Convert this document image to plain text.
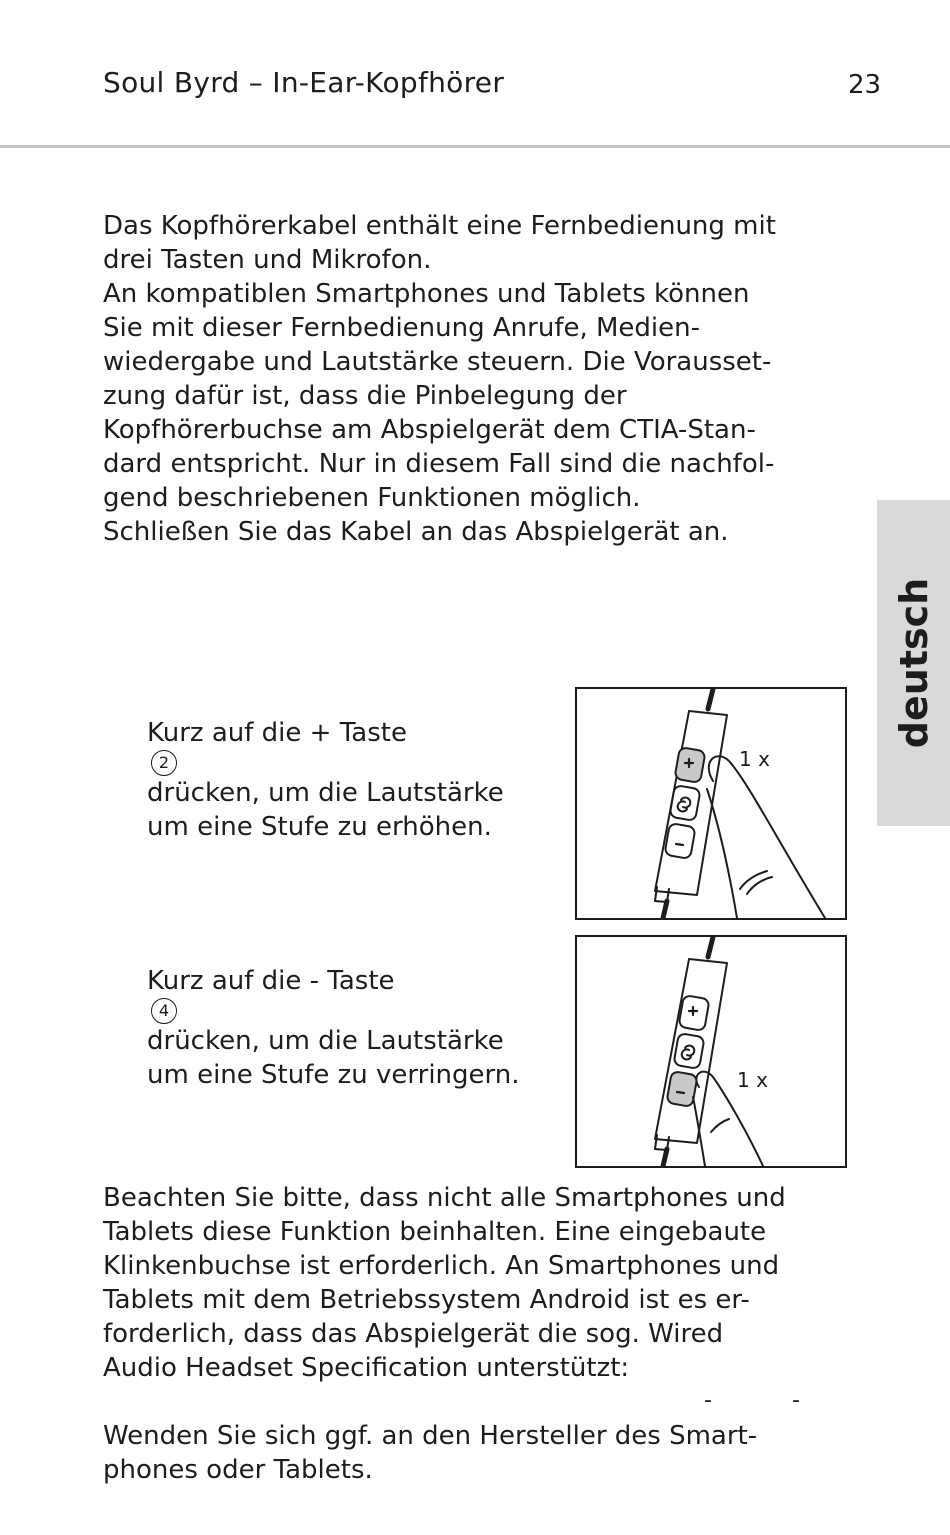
Soul Byrd – In-Ear-Kopfhörer	23
Das Kopfhörerkabel enthält eine Fernbedienung mit
drei Tasten und Mikrofon.
An kompatiblen Smartphones und Tablets können
Sie mit dieser Fernbedienung Anrufe, Medien-
wiedergabe und Lautstärke steuern. Die Vorausset-
zung dafür ist, dass die Pinbelegung der
Kopfhörerbuchse am Abspielgerät dem CTIA-Stan-
dard entspricht. Nur in diesem Fall sind die nachfol-
gend beschriebenen Funktionen möglich.
Schließen Sie das Kabel an das Abspielgerät an.
deutsch
Kurz auf die + Taste
2
drücken, um die Lautstärke
um eine Stufe zu erhöhen.
1 x
Kurz auf die - Taste
4
drücken, um die Lautstärke
um eine Stufe zu verringern.	1 x
Beachten Sie bitte, dass nicht alle Smartphones und
Tablets diese Funktion beinhalten. Eine eingebaute
Klinkenbuchse ist erforderlich. An Smartphones und
Tablets mit dem Betriebssystem Android ist es er-
forderlich, dass das Abspielgerät die sog. Wired
Audio Headset Specification unterstützt:
-	-
Wenden Sie sich ggf. an den Hersteller des Smart-
phones oder Tablets.
